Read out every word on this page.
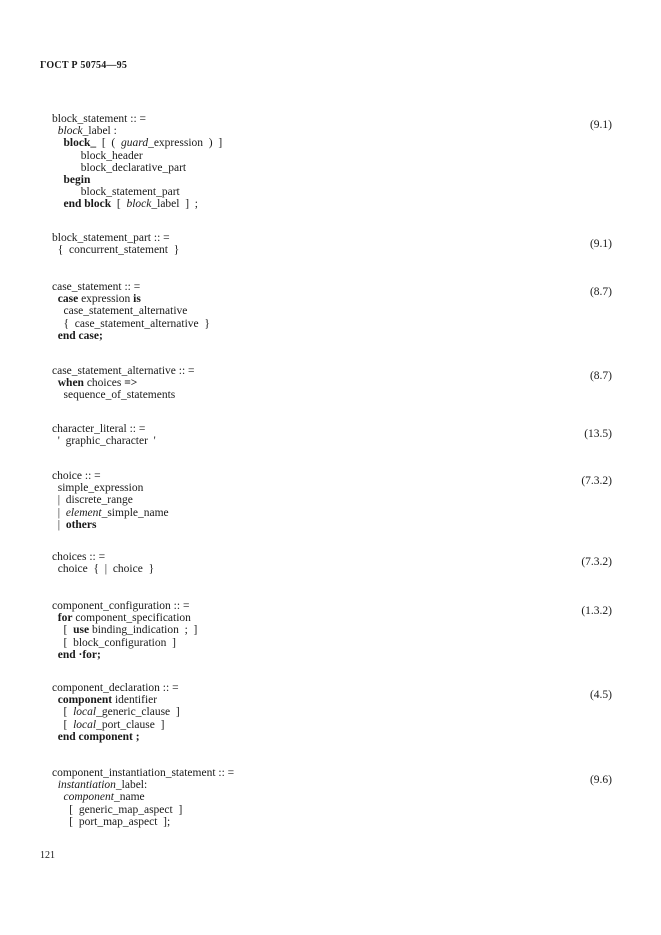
ГОСТ Р 50754—95
block_statement :: =
block_label :
block_  [  (  guard_expression  )  ]
block_header
block_declarative_part
begin
block_statement_part
end block  [  block_label  ]  ;
(9.1)
block_statement_part :: =
{  concurrent_statement  }
(9.1)
case_statement :: =
case expression is
case_statement_alternative
{  case_statement_alternative  }
end case;
(8.7)
case_statement_alternative :: =
when choices =>
sequence_of_statements
(8.7)
character_literal :: =
'  graphic_character  '
(13.5)
choice :: =
simple_expression
|  discrete_range
|  element_simple_name
|  others
(7.3.2)
choices :: =
choice  {  |  choice  }
(7.3.2)
component_configuration :: =
for component_specification
[  use binding_indication  ;  ]
[  block_configuration  ]
end ·for;
(1.3.2)
component_declaration :: =
component identifier
[  local_generic_clause  ]
[  local_port_clause  ]
end component ;
(4.5)
component_instantiation_statement :: =
instantiation_label:
component_name
[  generic_map_aspect  ]
[  port_map_aspect  ];
(9.6)
121
